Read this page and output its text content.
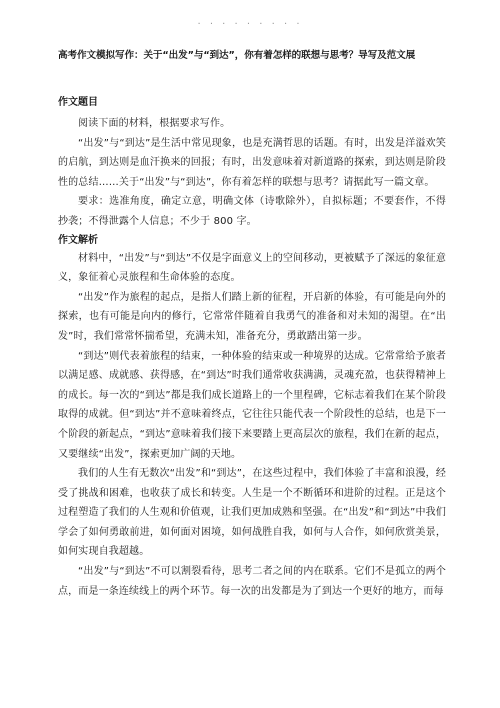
· · · · · · · · ·
高考作文模拟写作：关于“出发”与“到达”，你有着怎样的联想与思考？导写及范文展
作文题目

阅读下面的材料，根据要求写作。

“出发”与“到达”是生活中常见现象，也是充满哲思的话题。有时，出发是洋溢欢笑的启航，到达则是血汗换来的回报；有时，出发意味着对新道路的探索，到达则是阶段性的总结……关于“出发”与“到达”，你有着怎样的联想与思考？请据此写一篇文章。

要求：选准角度，确定立意，明确文体（诗歌除外），自拟标题；不要套作，不得抄袭；不得泄露个人信息；不少于 800 字。

作文解析

材料中，“出发”与“到达”不仅是字面意义上的空间移动，更被赋予了深远的象征意义，象征着心灵旅程和生命体验的态度。

“出发”作为旅程的起点，是指人们踏上新的征程，开启新的体验，有可能是向外的探索，也有可能是向内的修行，它常常伴随着自我勇气的准备和对未知的渴望。在“出发”时，我们常常怀揣希望，充满未知，准备充分，勇敢踏出第一步。

“到达”则代表着旅程的结束，一种体验的结束或一种境界的达成。它常常给予旅者以满足感、成就感、获得感，在“到达”时我们通常收获满满，灵魂充盈，也获得精神上的成长。每一次的“到达”都是我们成长道路上的一个里程碑，它标志着我们在某个阶段取得的成就。但“到达”并不意味着终点，它往往只能代表一个阶段性的总结，也是下一个阶段的新起点，“到达”意味着我们接下来要踏上更高层次的旅程，我们在新的起点，又要继续“出发”，探索更加广阔的天地。

我们的人生有无数次“出发”和“到达”，在这些过程中，我们体验了丰富和浪漫，经受了挑战和困难，也收获了成长和转变。人生是一个不断循环和进阶的过程。正是这个过程塑造了我们的人生观和价值观，让我们更加成熟和坚强。在“出发”和“到达”中我们学会了如何勇敢前进，如何面对困境，如何战胜自我，如何与人合作，如何欣赏美景，如何实现自我超越。

“出发”与“到达”不可以割裂看待，思考二者之间的内在联系。它们不是孤立的两个点，而是一条连续线上的两个环节。每一次的出发都是为了到达一个更好的地方，而每
